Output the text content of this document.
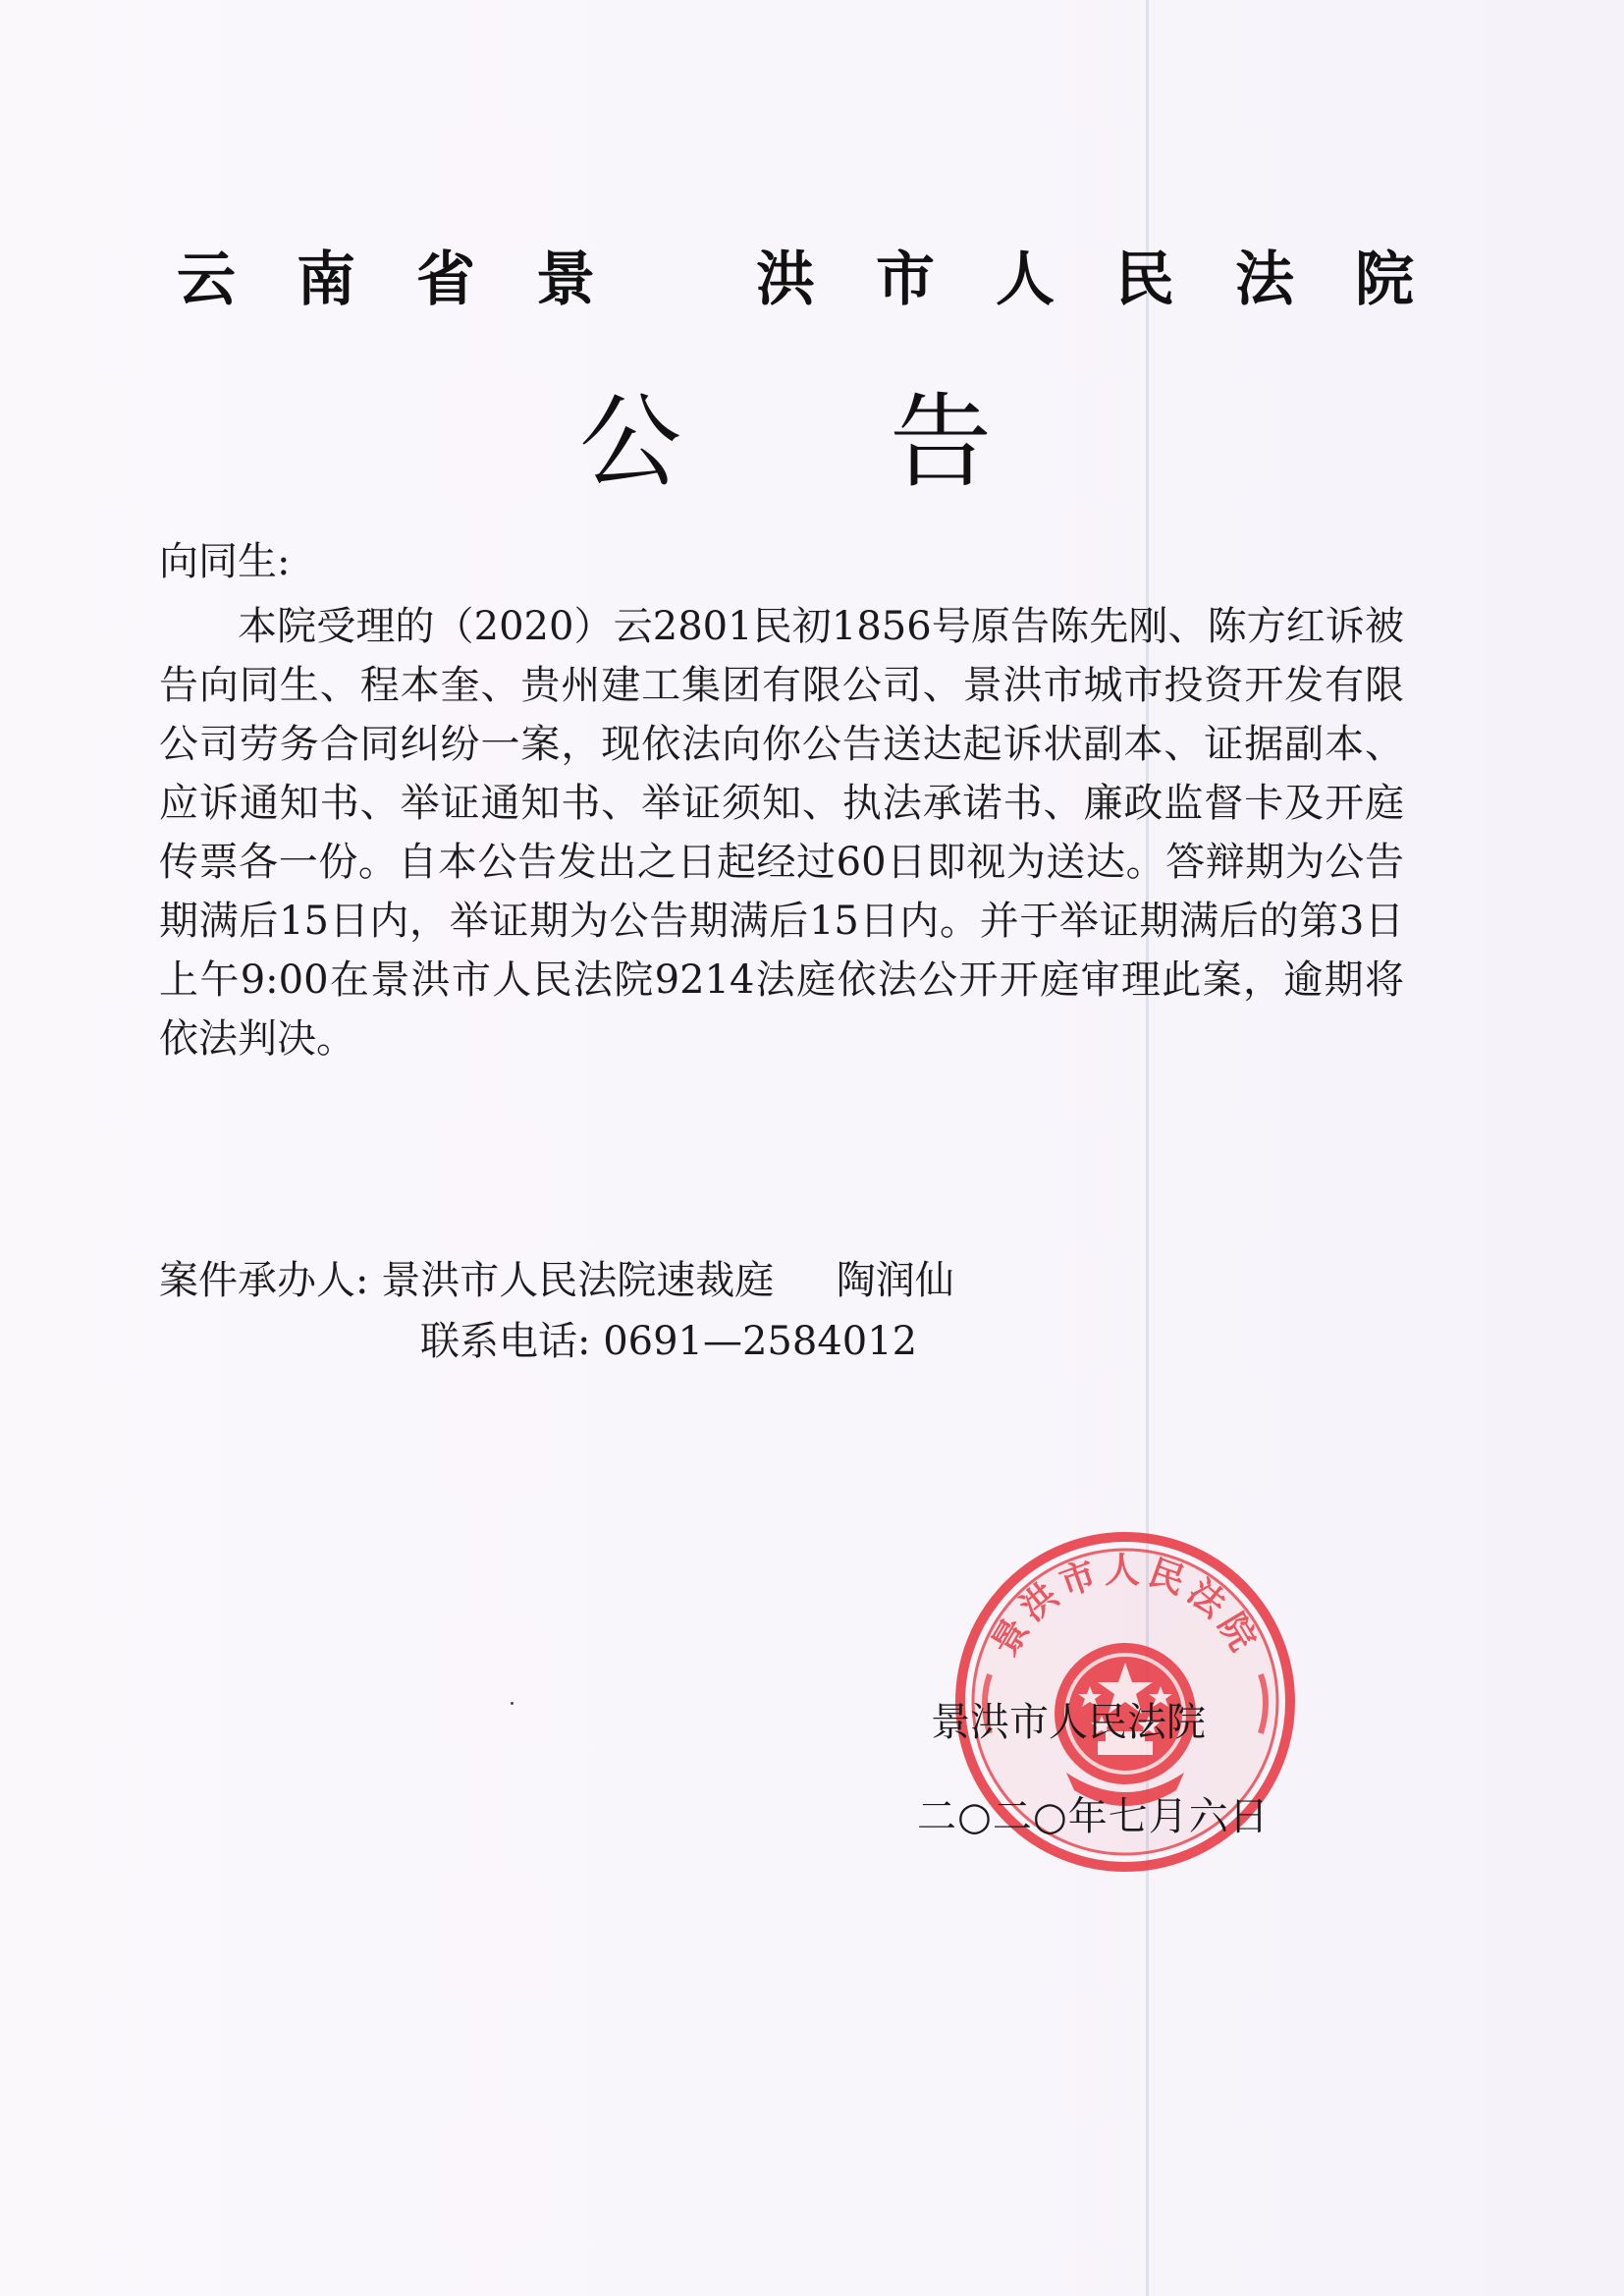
云 南 省 景	洪 市 人 民 法 院
公 告
向同生:
本院受理的（2020）云2801民初1856号原告陈先刚、陈方红诉被告向同生、程本奎、贵州建工集团有限公司、景洪市城市投资开发有限公司劳务合同纠纷一案，现依法向你公告送达起诉状副本、证据副本、应诉通知书、举证通知书、举证须知、执法承诺书、廉政监督卡及开庭传票各一份。自本公告发出之日起经过60日即视为送达。答辩期为公告期满后15日内，举证期为公告期满后15日内。并于举证期满后的第3日上午9:00在景洪市人民法院9214法庭依法公开开庭审理此案，逾期将依法判决。
案件承办人: 景洪市人民法院速裁庭     陶润仙
联系电话: 0691—2584012
景洪市人民法院
景洪市人民法院
二○二○年七月六日
